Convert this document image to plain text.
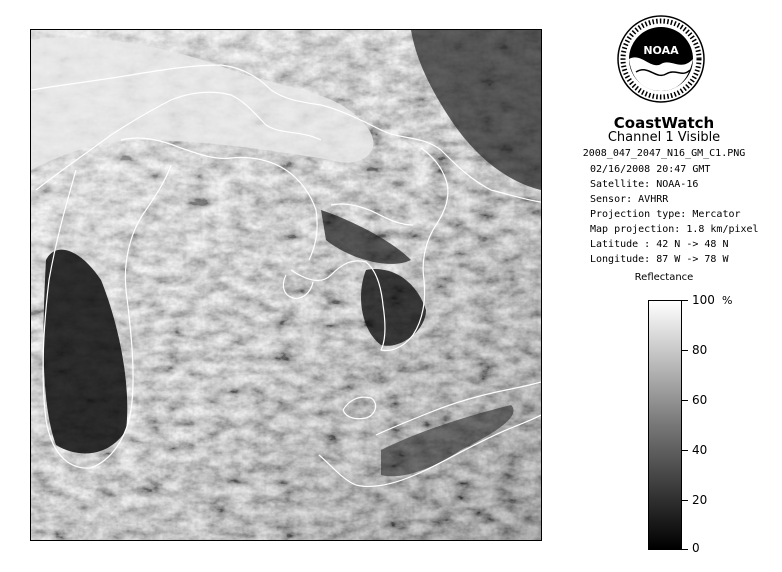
NOAA
CoastWatch
Channel 1 Visible
2008_047_2047_N16_GM_C1.PNG
02/16/2008 20:47 GMT
Satellite: NOAA-16
Sensor: AVHRR
Projection type: Mercator
Map projection: 1.8 km/pixel
Latitude : 42 N -> 48 N
Longitude: 87 W -> 78 W
Reflectance
%
100
80
60
40
20
0
